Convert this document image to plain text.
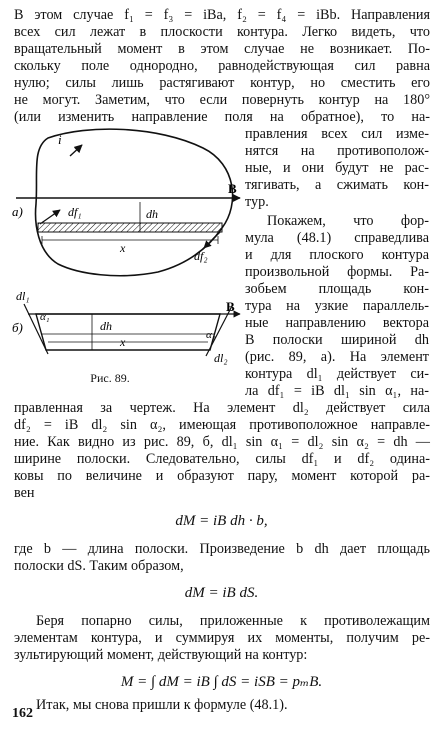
В этом случае f₁ = f₃ = iBa, f₂ = f₄ = iBb. Направления
всех сил лежат в плоскости контура. Легко видеть, что
вращательный момент в этом случае не возникает. По-
скольку поле однородно, равнодействующая сил равна
нулю; силы лишь растягивают контур, но сместить его
не могут. Заметим, что если повернуть контур на 180°
(или изменить направление поля на обратное), то на-
правления всех сил изме-
нятся на противополож-
ные, и они будут не рас-
тягивать, а сжимать кон-
тур.
Покажем, что фор-
мула (48.1) справедлива
и для плоского контура
произвольной формы. Ра-
зобьем площадь кон-
тура на узкие параллель-
ные направлению вектора
B полоски шириной dh
(рис. 89, a). На элемент
контура dl₁ действует си-
ла df₁ = iB dl₁ sin α₁, на-
правленная за чертеж. На элемент dl₂ действует сила
df₂ = iB dl₂ sin α₂, имеющая противоположное направле-
ние. Как видно из рис. 89, б, dl₁ sin α₁ = dl₂ sin α₂ = dh —
ширине полоски. Следовательно, силы df₁ и df₂ одина-
ковы по величине и образуют пару, момент которой ра-
вен
dM = iB dh · b,
где b — длина полоски. Произведение b dh дает площадь
полоски dS. Таким образом,
dM = iB dS.
Беря попарно силы, приложенные к противолежащим
элементам контура, и суммируя их моменты, получим ре-
зультирующий момент, действующий на контур:
M = ∫ dM = iB ∫ dS = iSB = pₘB.
Итак, мы снова пришли к формуле (48.1).
i
B
a)	dh
df₁
df₂
x
б)
dl₁
dl₂
α₁
α₂
B
dh
x
Рис. 89.
162
